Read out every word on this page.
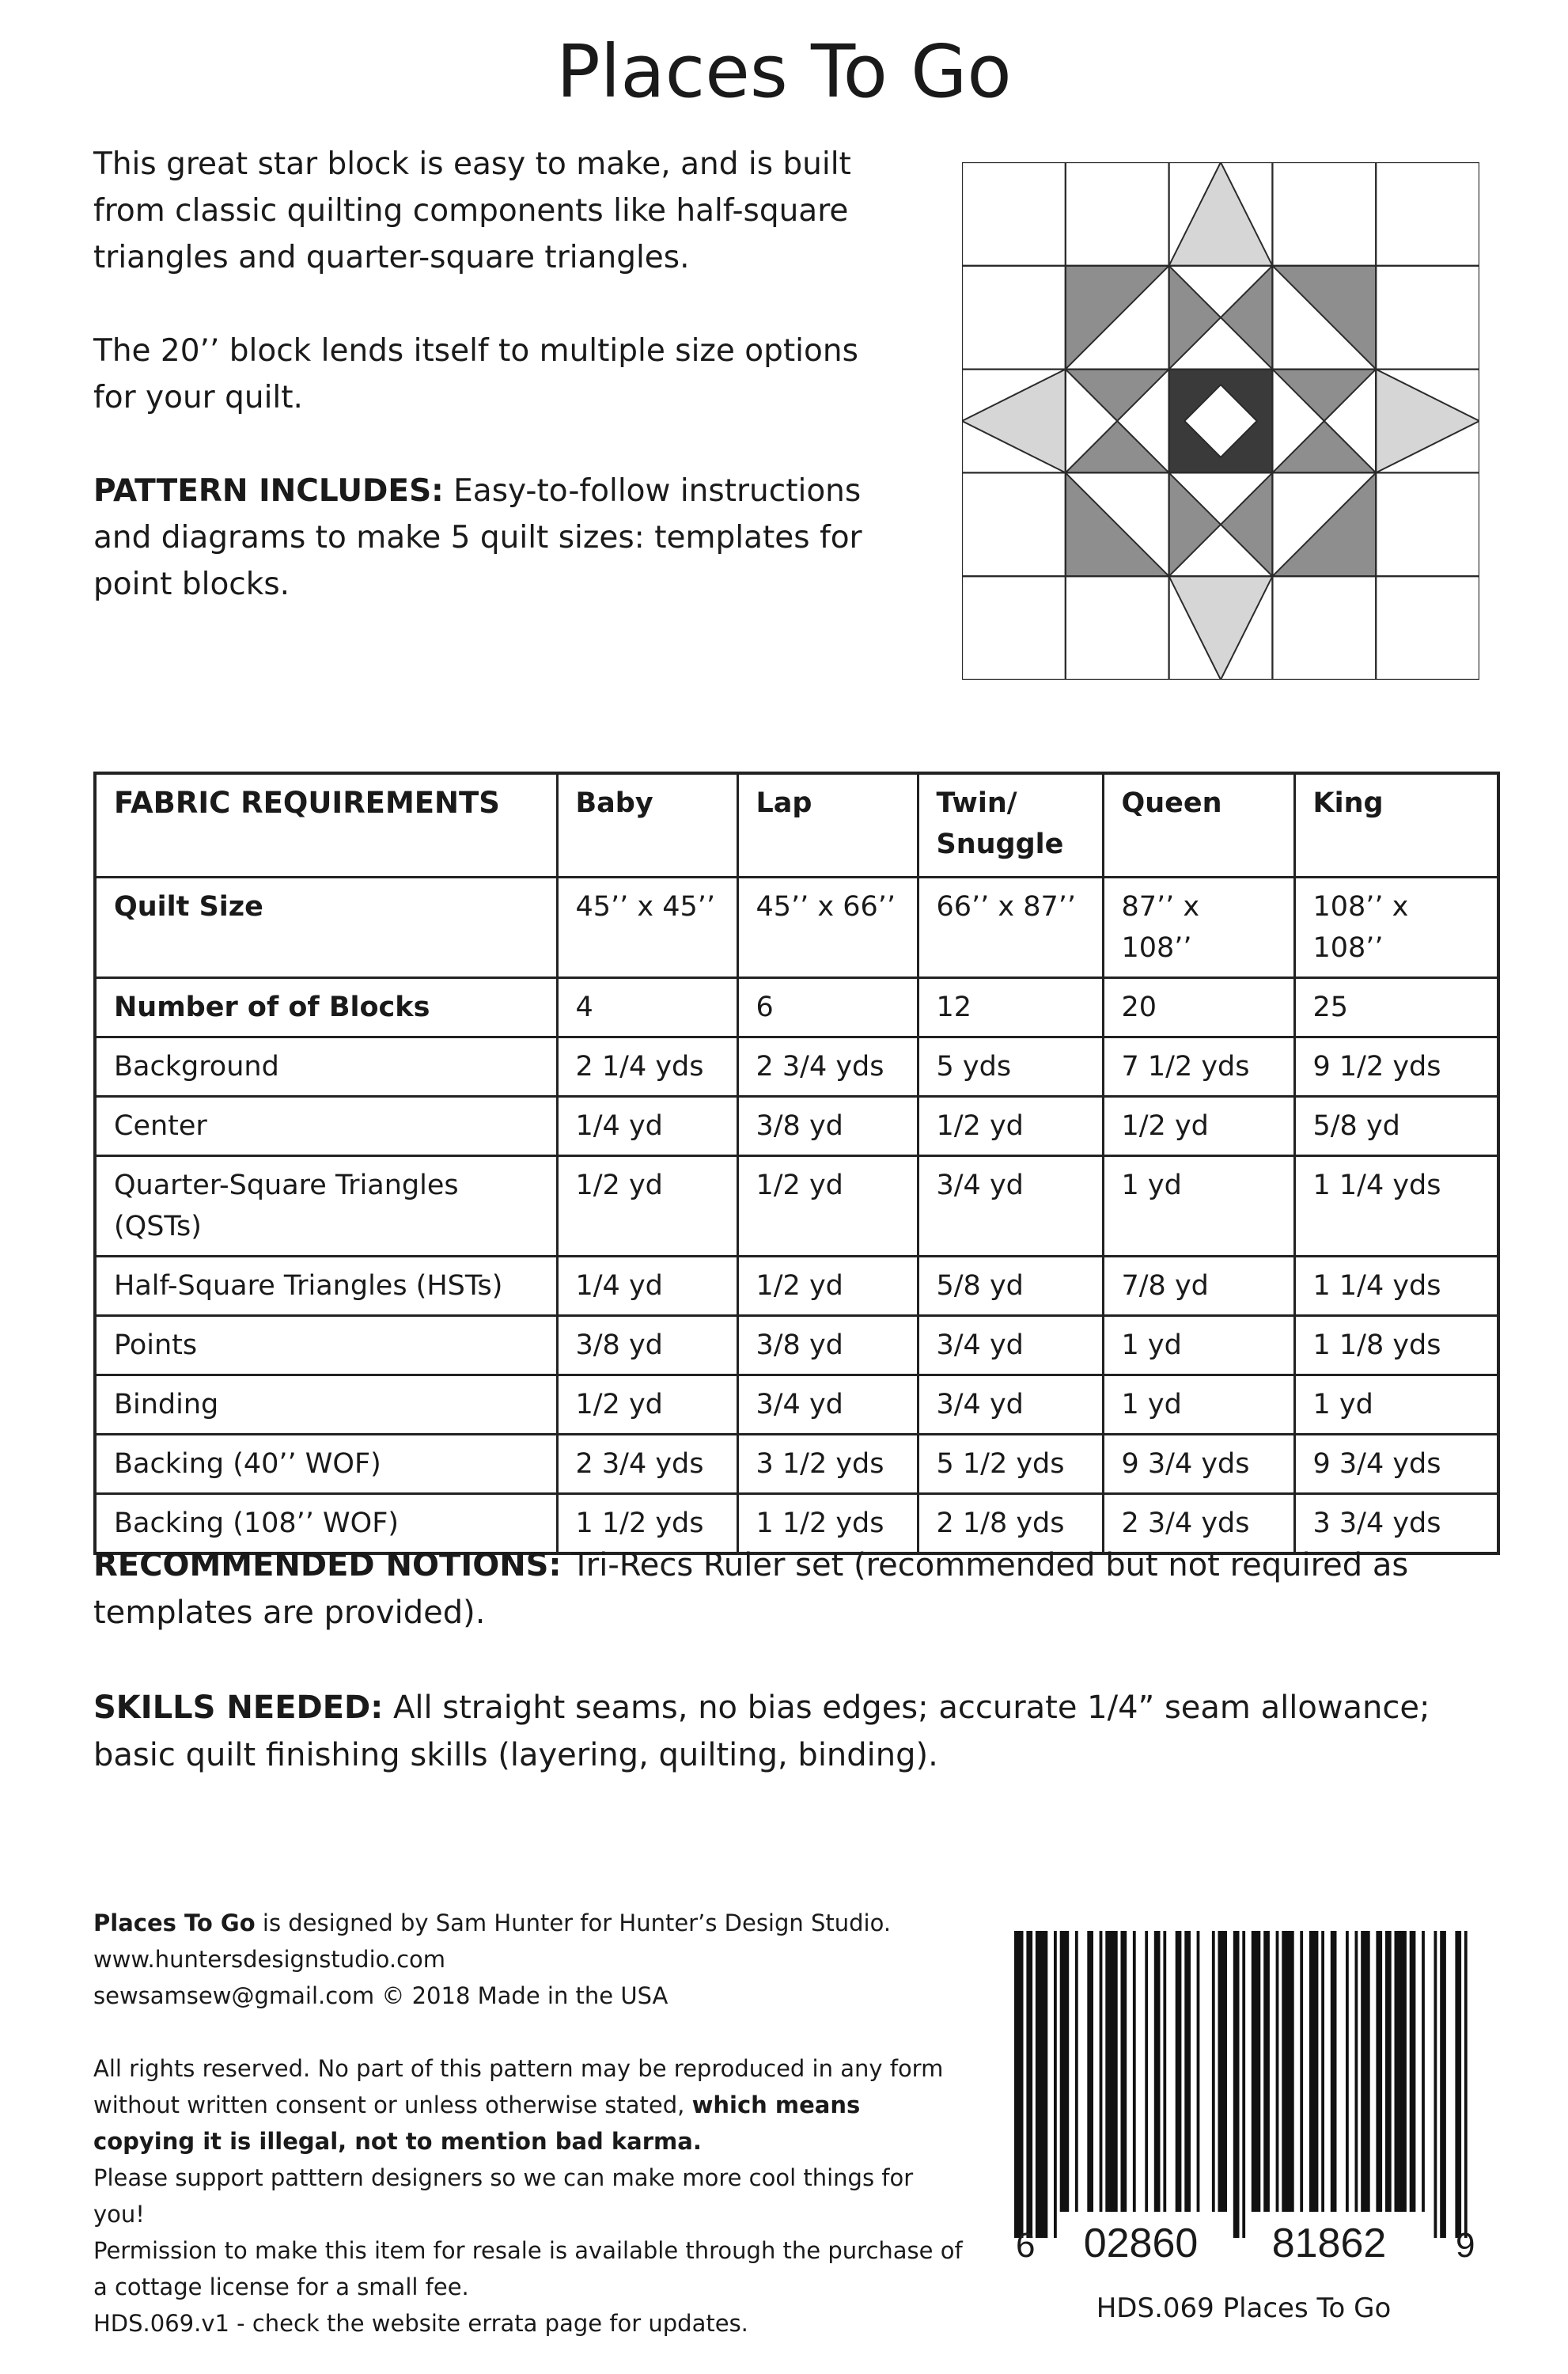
Places To Go

This great star block is easy to make, and is built from classic quilting components like half-square triangles and quarter-square triangles.

The 20’’ block lends itself to multiple size options for your quilt.

PATTERN INCLUDES: Easy-to-follow instructions and diagrams to make 5 quilt sizes: templates for point blocks.

FABRIC REQUIREMENTS	Baby	Lap	Twin/ Snuggle	Queen	King
Quilt Size	45’’ x 45’’	45’’ x 66’’	66’’ x 87’’	87’’ x 108’’	108’’ x 108’’
Number of of Blocks	4	6	12	20	25
Background	2 1/4 yds	2 3/4 yds	5 yds	7 1/2 yds	9 1/2 yds
Center	1/4 yd	3/8 yd	1/2 yd	1/2 yd	5/8 yd
Quarter-Square Triangles (QSTs)	1/2 yd	1/2 yd	3/4 yd	1 yd	1 1/4 yds
Half-Square Triangles (HSTs)	1/4 yd	1/2 yd	5/8 yd	7/8 yd	1 1/4 yds
Points	3/8 yd	3/8 yd	3/4 yd	1 yd	1 1/8 yds
Binding	1/2 yd	3/4 yd	3/4 yd	1 yd	1 yd
Backing (40’’ WOF)	2 3/4 yds	3 1/2 yds	5 1/2 yds	9 3/4 yds	9 3/4 yds
Backing (108’’ WOF)	1 1/2 yds	1 1/2 yds	2 1/8 yds	2 3/4 yds	3 3/4 yds

RECOMMENDED NOTIONS: Tri-Recs Ruler set (recommended but not required as templates are provided).

SKILLS NEEDED: All straight seams, no bias edges; accurate 1/4” seam allowance; basic quilt finishing skills (layering, quilting, binding).

Places To Go is designed by Sam Hunter for Hunter’s Design Studio.

www.huntersdesignstudio.com

sewsamsew@gmail.com © 2018 Made in the USA

All rights reserved. No part of this pattern may be reproduced in any form without written consent or unless otherwise stated, which means copying it is illegal, not to mention bad karma.

Please support patttern designers so we can make more cool things for you!

Permission to make this item for resale is available through the purchase of a cottage license for a small fee.

HDS.069.v1 - check the website errata page for updates.

6 02860 81862 9
HDS.069 Places To Go
